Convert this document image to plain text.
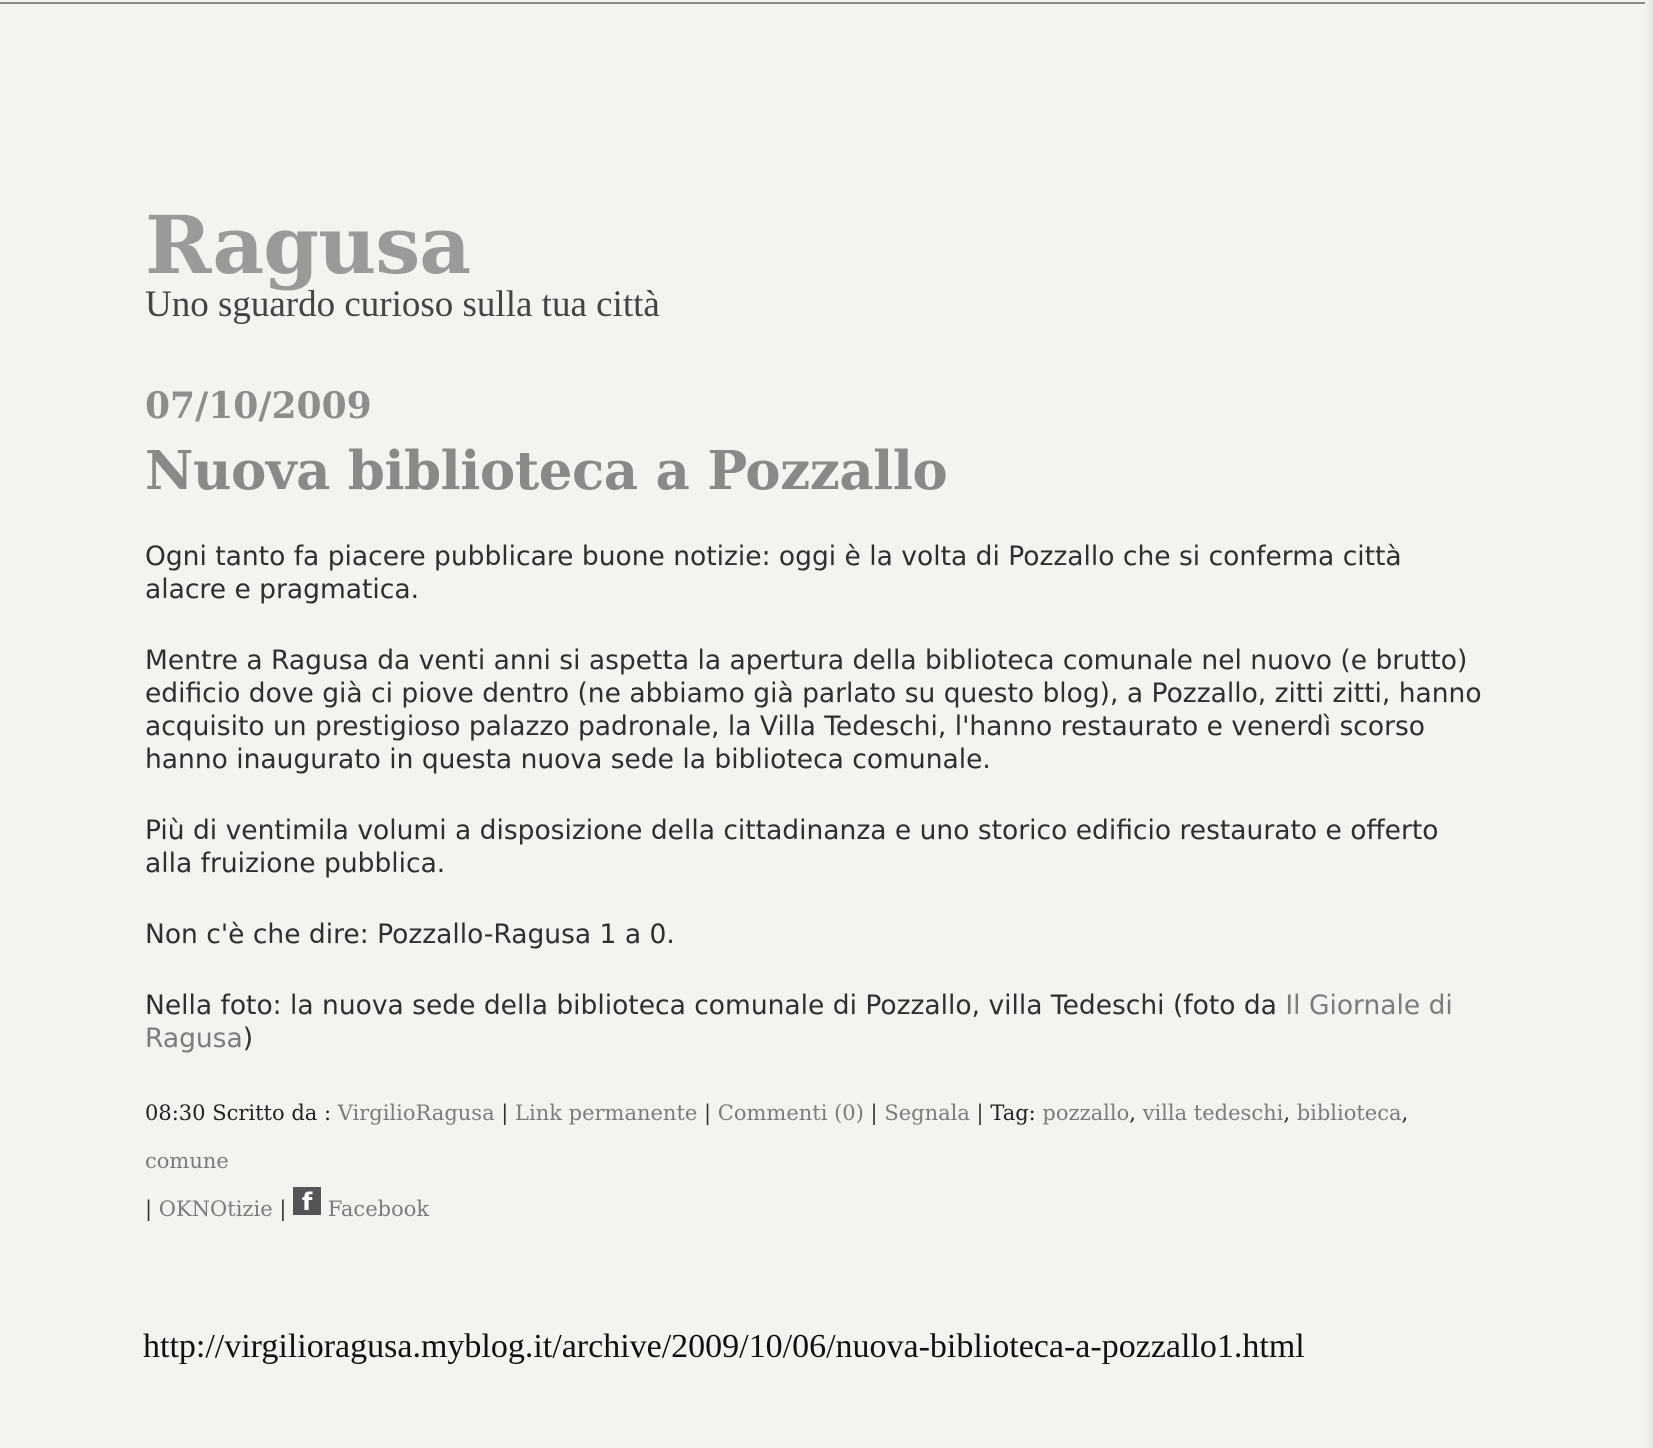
Ragusa
Uno sguardo curioso sulla tua città
07/10/2009
Nuova biblioteca a Pozzallo

Ogni tanto fa piacere pubblicare buone notizie: oggi è la volta di Pozzallo che si conferma città alacre e pragmatica.

Mentre a Ragusa da venti anni si aspetta la apertura della biblioteca comunale nel nuovo (e brutto) edificio dove già ci piove dentro (ne abbiamo già parlato su questo blog), a Pozzallo, zitti zitti, hanno acquisito un prestigioso palazzo padronale, la Villa Tedeschi, l'hanno restaurato e venerdì scorso hanno inaugurato in questa nuova sede la biblioteca comunale.

Più di ventimila volumi a disposizione della cittadinanza e uno storico edificio restaurato e offerto alla fruizione pubblica.

Non c'è che dire: Pozzallo-Ragusa 1 a 0.

Nella foto: la nuova sede della biblioteca comunale di Pozzallo, villa Tedeschi (foto da Il Giornale di Ragusa)

08:30 Scritto da : VirgilioRagusa | Link permanente | Commenti (0) | Segnala | Tag: pozzallo, villa tedeschi, biblioteca, comune
| OKNOtizie | f Facebook

http://virgilioragusa.myblog.it/archive/2009/10/06/nuova-biblioteca-a-pozzallo1.html
